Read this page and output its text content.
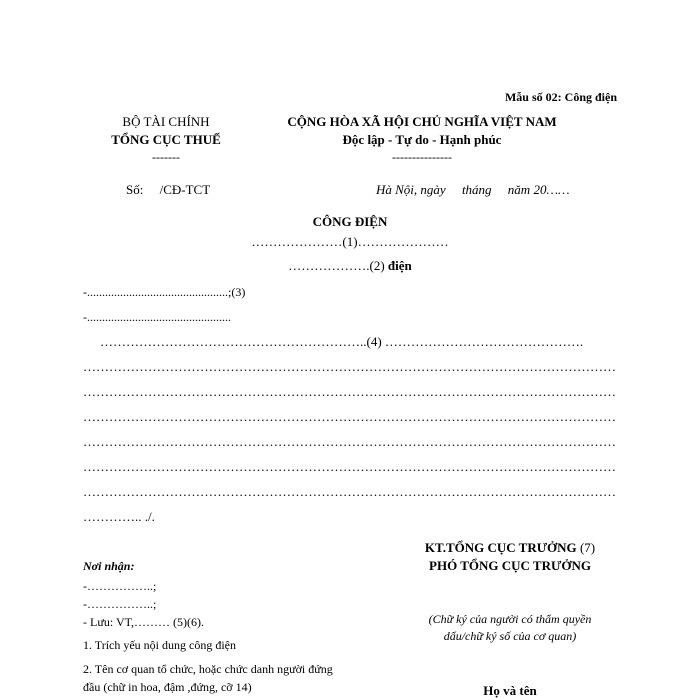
Mẫu số 02: Công điện
BỘ TÀI CHÍNH
TỔNG CỤC THUẾ
-------
CỘNG HÒA XÃ HỘI CHỦ NGHĨA VIỆT NAM
Độc lập - Tự do - Hạnh phúc
---------------
Số:     /CĐ-TCT	Hà Nội, ngày     tháng     năm 20……
CÔNG ĐIỆN
…………………(1)…………………
……………….(2) điện
-...............................................;(3)
-................................................
……………………………………………………..(4) ……………………………………….
……………………………………………………………………………………………………………
……………………………………………………………………………………………………………
……………………………………………………………………………………………………………
……………………………………………………………………………………………………………
……………………………………………………………………………………………………………
……………………………………………………………………………………………………………
………….. ./.
KT.TỔNG CỤC TRƯỞNG (7)
PHÓ TỔNG CỤC TRƯỞNG
(Chữ ký của người có thẩm quyền
dấu/chữ ký số của cơ quan)
Họ và tên
Nơi nhận:
-……………..;
-……………..;
- Lưu: VT,……… (5)(6).
1. Trích yếu nội dung công điện
2. Tên cơ quan tổ chức, hoặc chức danh người đứng
đầu (chữ in hoa, đậm ,đứng, cỡ 14)
